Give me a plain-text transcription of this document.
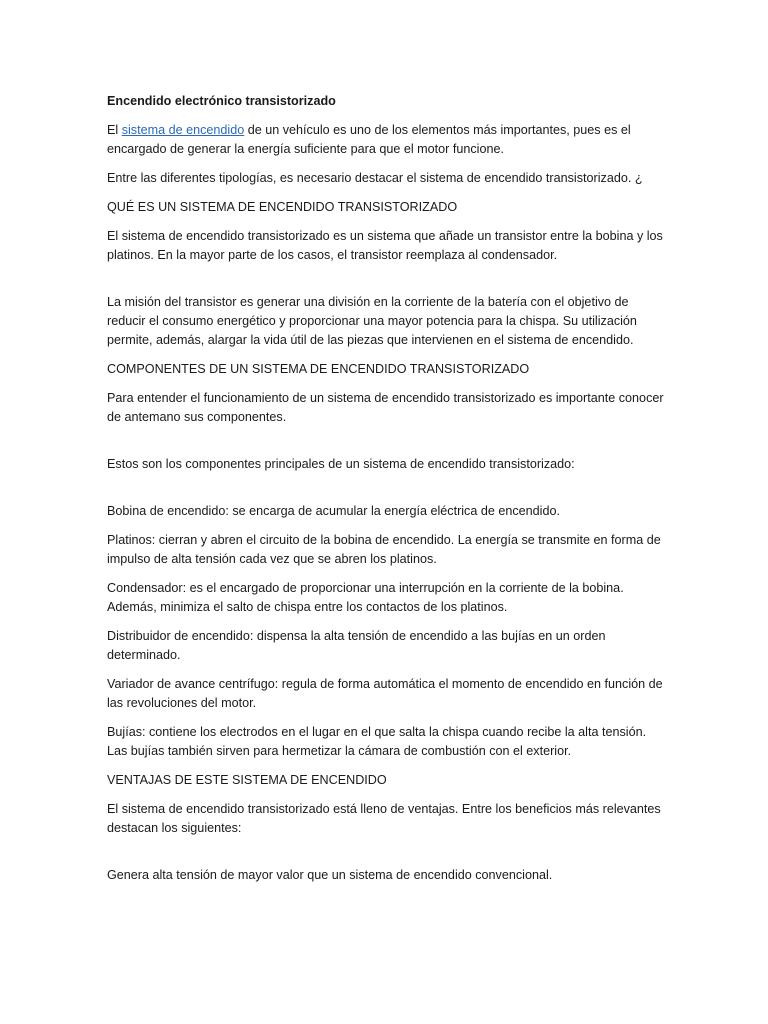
Encendido electrónico transistorizado

El sistema de encendido de un vehículo es uno de los elementos más importantes, pues es el encargado de generar la energía suficiente para que el motor funcione.

Entre las diferentes tipologías, es necesario destacar el sistema de encendido transistorizado. ¿

QUÉ ES UN SISTEMA DE ENCENDIDO TRANSISTORIZADO

El sistema de encendido transistorizado es un sistema que añade un transistor entre la bobina y los platinos. En la mayor parte de los casos, el transistor reemplaza al condensador.

La misión del transistor es generar una división en la corriente de la batería con el objetivo de reducir el consumo energético y proporcionar una mayor potencia para la chispa. Su utilización permite, además, alargar la vida útil de las piezas que intervienen en el sistema de encendido.

COMPONENTES DE UN SISTEMA DE ENCENDIDO TRANSISTORIZADO

Para entender el funcionamiento de un sistema de encendido transistorizado es importante conocer de antemano sus componentes.

Estos son los componentes principales de un sistema de encendido transistorizado:

Bobina de encendido: se encarga de acumular la energía eléctrica de encendido.

Platinos: cierran y abren el circuito de la bobina de encendido. La energía se transmite en forma de impulso de alta tensión cada vez que se abren los platinos.

Condensador: es el encargado de proporcionar una interrupción en la corriente de la bobina. Además, minimiza el salto de chispa entre los contactos de los platinos.

Distribuidor de encendido: dispensa la alta tensión de encendido a las bujías en un orden determinado.

Variador de avance centrífugo: regula de forma automática el momento de encendido en función de las revoluciones del motor.

Bujías: contiene los electrodos en el lugar en el que salta la chispa cuando recibe la alta tensión. Las bujías también sirven para hermetizar la cámara de combustión con el exterior.

VENTAJAS DE ESTE SISTEMA DE ENCENDIDO

El sistema de encendido transistorizado está lleno de ventajas. Entre los beneficios más relevantes destacan los siguientes:

Genera alta tensión de mayor valor que un sistema de encendido convencional.
